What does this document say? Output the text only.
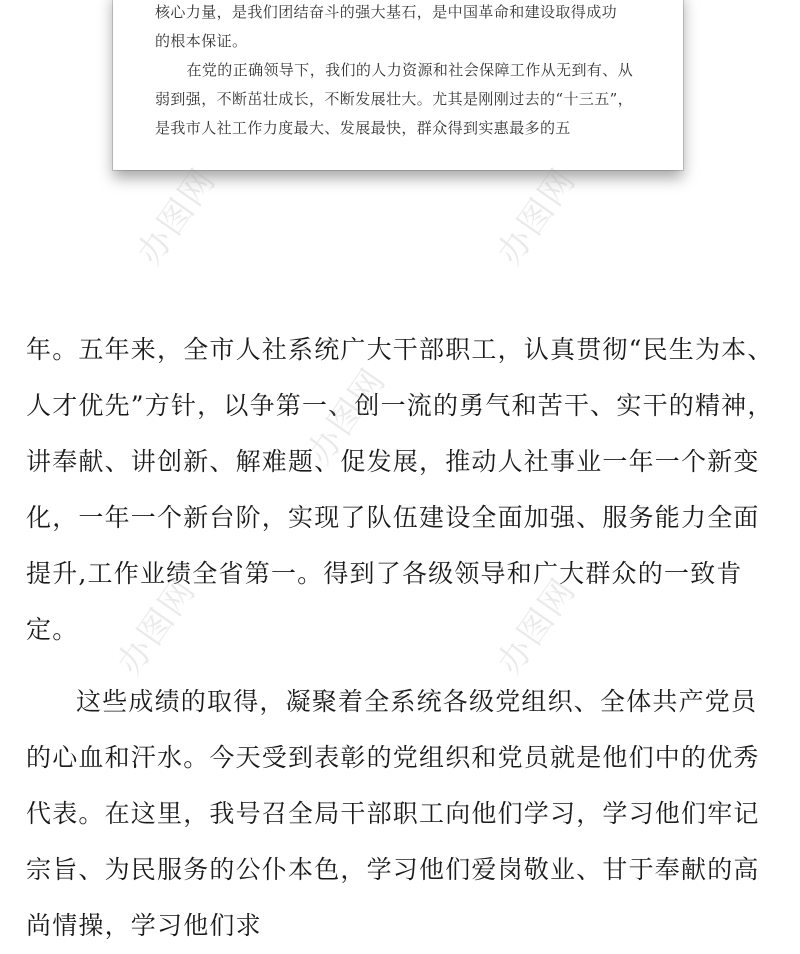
核心力量，是我们团结奋斗的强大基石，是中国革命和建设取得成功

的根本保证。

在党的正确领导下，我们的人力资源和社会保障工作从无到有、从弱到强，不断茁壮成长，不断发展壮大。尤其是刚刚过去的“十三五”，是我市人社工作力度最大、发展最快，群众得到实惠最多的五

年。五年来，全市人社系统广大干部职工，认真贯彻“民生为本、人才优先”方针，以争第一、创一流的勇气和苦干、实干的精神，讲奉献、讲创新、解难题、促发展，推动人社事业一年一个新变化，一年一个新台阶，实现了队伍建设全面加强、服务能力全面提升,工作业绩全省第一。得到了各级领导和广大群众的一致肯定。

这些成绩的取得，凝聚着全系统各级党组织、全体共产党员的心血和汗水。今天受到表彰的党组织和党员就是他们中的优秀代表。在这里，我号召全局干部职工向他们学习，学习他们牢记宗旨、为民服务的公仆本色，学习他们爱岗敬业、甘于奉献的高尚情操，学习他们求

办图网	办图网
办图网
办图网	办图网
